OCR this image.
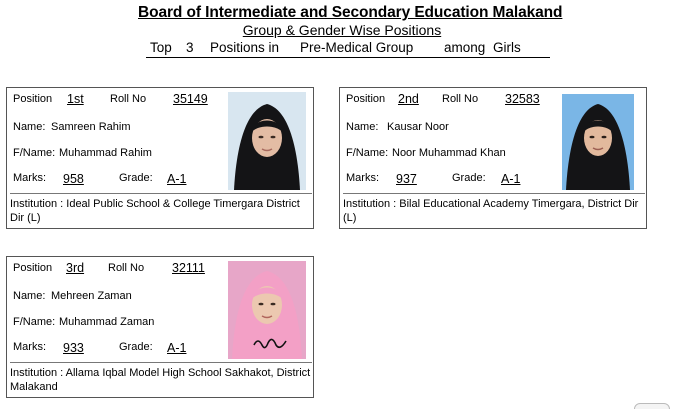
Board of Intermediate and Secondary Education Malakand
Group & Gender Wise Positions
Top 3 Positions in Pre-Medical Group among Girls
Position 1st Roll No 35149
Name: Samreen Rahim
F/Name: Muhammad Rahim
Marks: 958	Grade: A-1
Institution : Ideal Public School & College Timergara District Dir (L)
Position 2nd Roll No 32583
Name: Kausar Noor
F/Name: Noor Muhammad Khan
Marks: 937	Grade: A-1
Institution : Bilal Educational Academy Timergara, District Dir (L)
Position 3rd Roll No 32111
Name: Mehreen Zaman
F/Name: Muhammad Zaman
Marks: 933	Grade: A-1
Institution : Allama Iqbal Model High School Sakhakot, District Malakand
